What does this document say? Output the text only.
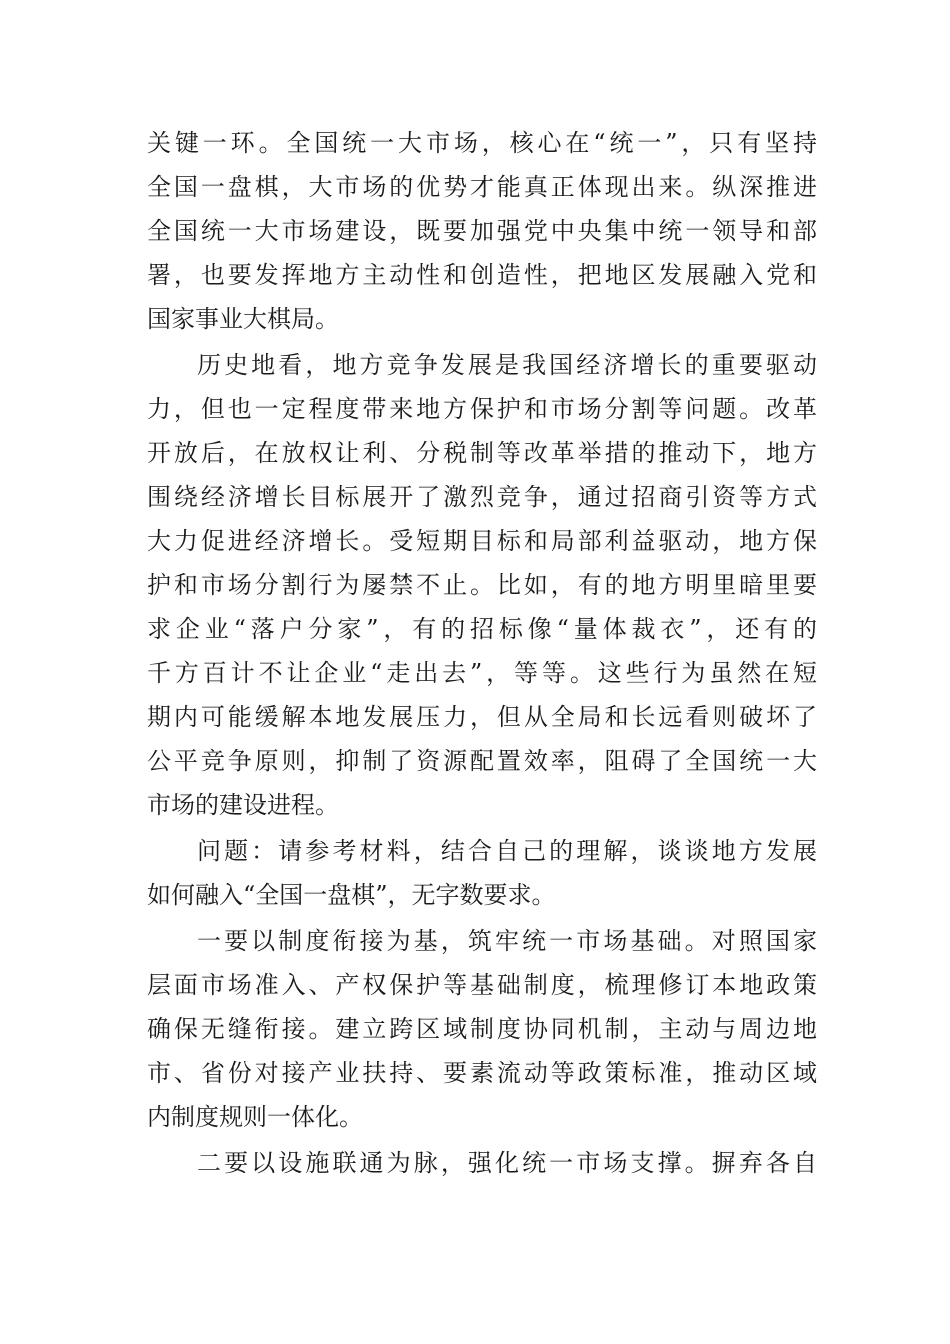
关键一环。全国统一大市场，核心在“统一”，只有坚持
全国一盘棋，大市场的优势才能真正体现出来。纵深推进
全国统一大市场建设，既要加强党中央集中统一领导和部
署，也要发挥地方主动性和创造性，把地区发展融入党和
国家事业大棋局。
历史地看，地方竞争发展是我国经济增长的重要驱动
力，但也一定程度带来地方保护和市场分割等问题。改革
开放后，在放权让利、分税制等改革举措的推动下，地方
围绕经济增长目标展开了激烈竞争，通过招商引资等方式
大力促进经济增长。受短期目标和局部利益驱动，地方保
护和市场分割行为屡禁不止。比如，有的地方明里暗里要
求企业“落户分家”，有的招标像“量体裁衣”，还有的
千方百计不让企业“走出去”，等等。这些行为虽然在短
期内可能缓解本地发展压力，但从全局和长远看则破坏了
公平竞争原则，抑制了资源配置效率，阻碍了全国统一大
市场的建设进程。
问题：请参考材料，结合自己的理解，谈谈地方发展
如何融入“全国一盘棋”，无字数要求。
一要以制度衔接为基，筑牢统一市场基础。对照国家
层面市场准入、产权保护等基础制度，梳理修订本地政策
确保无缝衔接。建立跨区域制度协同机制，主动与周边地
市、省份对接产业扶持、要素流动等政策标准，推动区域
内制度规则一体化。
二要以设施联通为脉，强化统一市场支撑。摒弃各自
